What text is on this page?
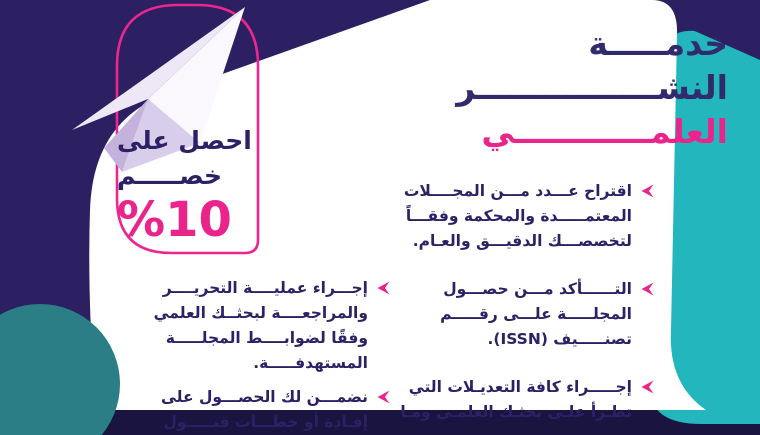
خدمـــــة
النشــــــــــــــــر
العلمــــــــــــي
احصل على
خصـــــم
%10
اقتراح عـــدد مـــن المجــــلات
المعتمـــــدة والمحكمة وفقـــاً
لتخصصـــك الدقيـــق والعـام.
التــــــأكد مـــن حصـــول
المجلـــــة علـــى رقـــــم
تصنـــــيف (ISSN).
إجـــــراء كافة التعديـلات التي
تطـرأ علـى بحثـك العلمـي ومـا
إجـــراء عمليــــة التحريــــر
والمراجعــــة لبحثــك العلمي
وفقًا لضوابــــط المجلـــــة
المستهدفـــــة.
نضمـــن لك الحصـــول على
إفـادة أو خطـــاب قبـــــول
